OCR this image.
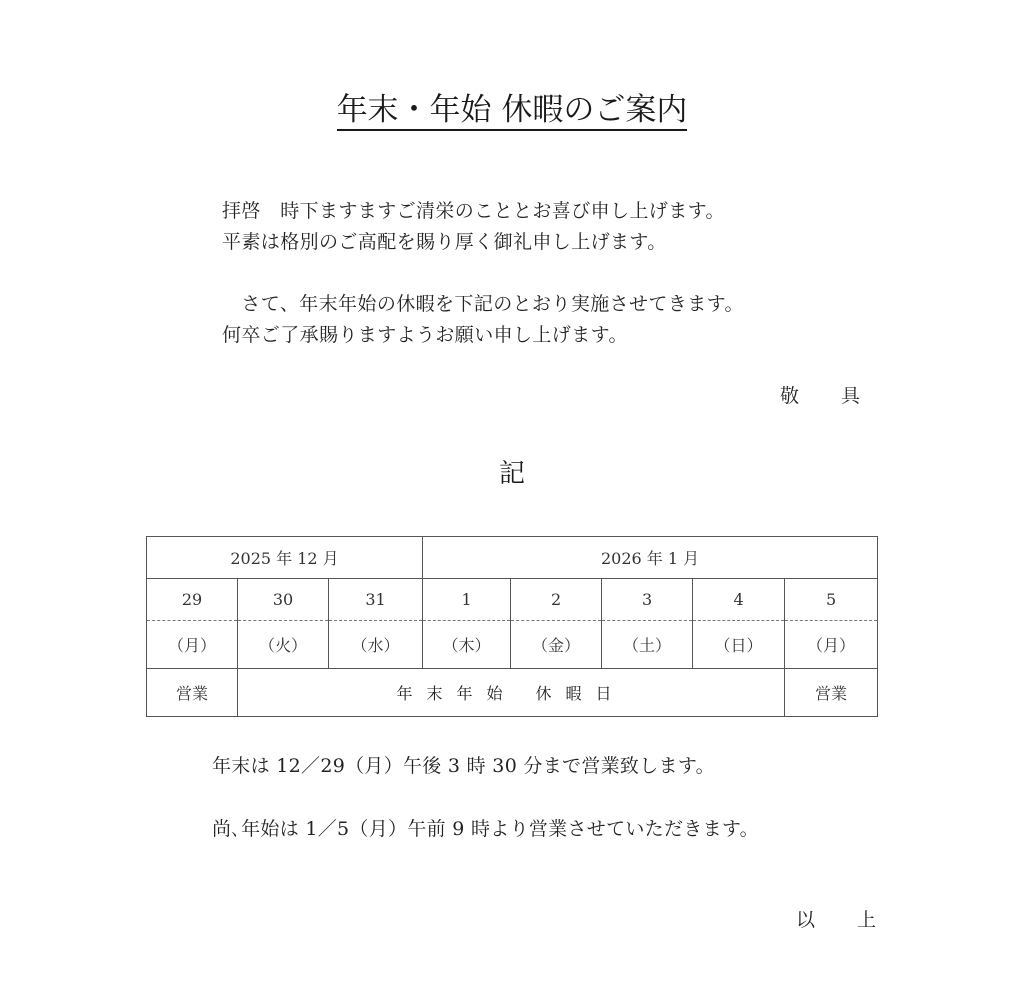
年末・年始 休暇のご案内
拝啓　時下ますますご清栄のこととお喜び申し上げます。
平素は格別のご高配を賜り厚く御礼申し上げます。
　さて、年末年始の休暇を下記のとおり実施させてきます。
何卒ご了承賜りますようお願い申し上げます。
敬 具
記
2025 年 12 月			2026 年 1 月				
29	30	31	1	2	3	4	5
（月）	（火）	（水）	（木）	（金）	（土）	（日）	（月）
営業	年末年始 休暇日						営業
年末は 12／29（月）午後 3 時 30 分まで営業致します。
尚､年始は 1／5（月）午前 9 時より営業させていただきます。
以 上
